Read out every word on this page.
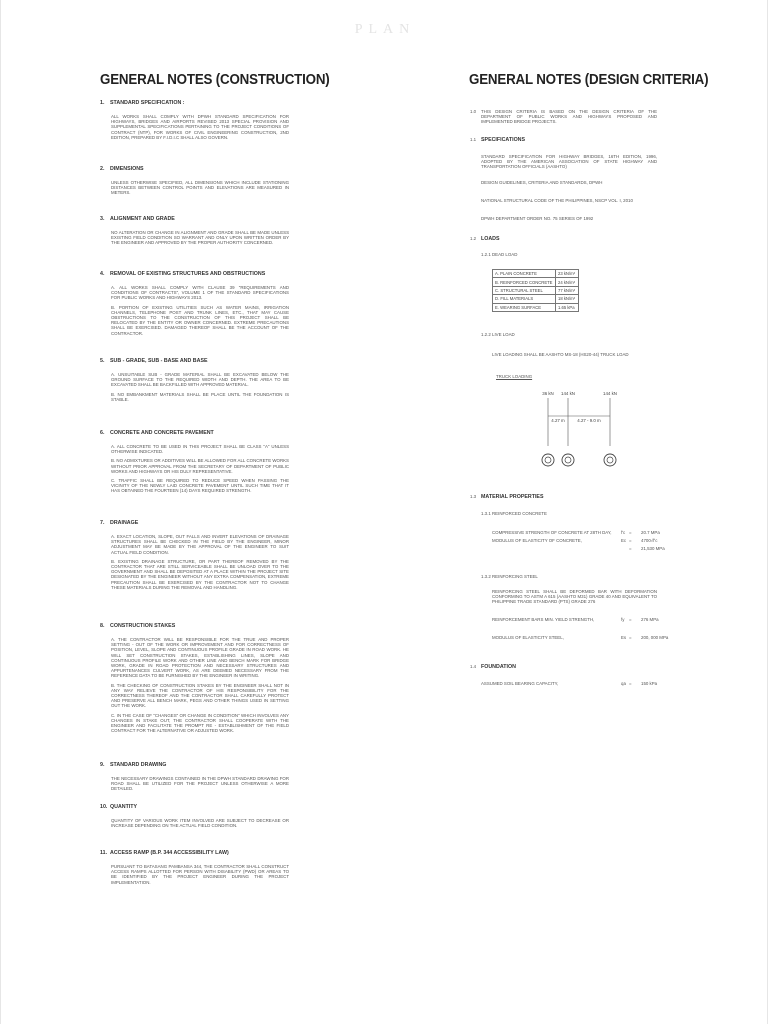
PLAN
GENERAL NOTES (CONSTRUCTION)
1. STANDARD SPECIFICATION :
ALL WORKS SHALL COMPLY WITH DPWH STANDARD SPECIFICATION FOR HIGHWAYS, BRIDGES AND AIRPORTS REVISED 2013 SPECIAL PROVISION AND SUPPLEMENTAL SPECIFICATIONS PERTAINING TO THE PROJECT CONDITIONS OF CONTRACT (NTP), FOR WORKS OF CIVIL ENGINEERING CONSTRUCTION, 2ND EDITION, PREPARED BY F.I.D.I.C SHALL ALSO GOVERN.
2. DIMENSIONS
UNLESS OTHERWISE SPECIFIED, ALL DIMENSIONS WHICH INCLUDE STATIONING DISTANCES BETWEEN CONTROL POINTS AND ELEVATIONS ARE MEASURED IN METERS.
3. ALIGNMENT AND GRADE
NO ALTERATION OR CHANGE IN ALIGNMENT AND GRADE SHALL BE MADE UNLESS EXISTING FIELD CONDITION SO WARRANT AND ONLY UPON WRITTEN ORDER BY THE ENGINEER AND APPROVED BY THE PROPER AUTHORITY CONCERNED.
4. REMOVAL OF EXISTING STRUCTURES AND OBSTRUCTIONS
A. ALL WORKS SHALL COMPLY WITH CLAUSE 39 "REQUIREMENTS AND CONDITIONS OF CONTRACTS", VOLUME 1 OF THE STANDARD SPECIFICATIONS FOR PUBLIC WORKS AND HIGHWAYS 2013.
B. PORTION OF EXISTING UTILITIES SUCH AS WATER MAINS, IRRIGATION CHANNELS, TELEPHONE POST AND TRUNK LINES, ETC., THAT MAY CAUSE OBSTRUCTIONS TO THE CONSTRUCTION OF THIS PROJECT SHALL BE RELOCATED BY THE ENTITY OR OWNER CONCERNED. EXTREME PRECAUTIONS SHALL BE EXERCISED. DAMAGED THEREOF SHALL BE THE ACCOUNT OF THE CONTRACTOR.
5. SUB - GRADE, SUB - BASE AND BASE
A. UNSUITABLE SUB - GRADE MATERIAL SHALL BE EXCAVATED BELOW THE GROUND SURFACE TO THE REQUIRED WIDTH AND DEPTH. THE AREA TO BE EXCAVATED SHALL BE BACKFILLED WITH APPROVED MATERIAL.
B. NO EMBANKMENT MATERIALS SHALL BE PLACE UNTIL THE FOUNDATION IS STABLE.
6. CONCRETE AND CONCRETE PAVEMENT
A. ALL CONCRETE TO BE USED IN THIS PROJECT SHALL BE CLASS "A" UNLESS OTHERWISE INDICATED.
B. NO ADMIXTURES OR ADDITIVES WILL BE ALLOWED FOR ALL CONCRETE WORKS WITHOUT PRIOR APPROVAL FROM THE SECRETARY OF DEPARTMENT OF PUBLIC WORKS AND HIGHWAYS OR HIS DULY REPRESENTATIVE.
C. TRAFFIC SHALL BE REQUIRED TO REDUCE SPEED WHEN PASSING THE VICINITY OF THE NEWLY LAID CONCRETE PAVEMENT UNTIL SUCH TIME THAT IT HAS OBTAINED THE FOURTEEN (14) DAYS REQUIRED STRENGTH.
7. DRAINAGE
A. EXACT LOCATION, SLOPE, OUT FALLS AND INVERT ELEVATIONS OF DRAINAGE STRUCTURES SHALL BE CHECKED IN THE FIELD BY THE ENGINEER, MINOR ADJUSTMENT MAY BE MADE BY THE APPROVAL OF THE ENGINEER TO SUIT ACTUAL FIELD CONDITION.
B. EXISTING DRAINAGE STRUCTURE, OR PART THEREOF REMOVED BY THE CONTRACTOR THAT ARE STILL SERVICEABLE SHALL BE UNLOAD OVER TO THE GOVERNMENT AND SHALL BE DEPOSITED AT A PLACE WITHIN THE PROJECT SITE DESIGNATED BY THE ENGINEER WITHOUT ANY EXTRA COMPENSATION, EXTREME PRECAUTION SHALL BE EXERCISED BY THE CONTRACTOR NOT TO CHANGE THESE MATERIALS DURING THE REMOVAL AND HANDLING.
8. CONSTRUCTION STAKES
A. THE CONTRACTOR WILL BE RESPONSIBLE FOR THE TRUE AND PROPER SETTING - OUT OF THE WORK OR IMPROVEMENT AND FOR CORRECTNESS OF POSITION, LEVEL, SLOPE AND CONTINUOUS PROFILE GRADE IN ROAD WORK. HE WILL SET CONSTRUCTION STAKES, ESTABLISHING LINES, SLOPE AND CONTINUOUS PROFILE WORK AND OTHER LINE AND BENCH MARK FOR BRIDGE WORK, GRADE IN ROAD PROTECTION AND NECESSARY STRUCTURES AND APPURTENANCES CULVERT WORK, AS ARE DEEMED NECESSARY FROM THE REFERENCE DATA TO BE FURNISHED BY THE ENGINEER IN WRITING.
B. THE CHECKING OF CONSTRUCTION STAKES BY THE ENGINEER SHALL NOT IN ANY WAY RELIEVE THE CONTRACTOR OF HIS RESPONSIBILITY FOR THE CORRECTNESS THEREOF AND THE CONTRACTOR SHALL CAREFULLY PROTECT AND PRESERVE ALL BENCH MARK, PEGS AND OTHER THINGS USED IN SETTING OUT THE WORK.
C. IN THE CASE OF "CHANGES" OR CHANGE IN CONDITION" WHICH INVOLVES ANY CHANGES IN STAKE OUT, THE CONTRACTOR SHALL COOPERATE WITH THE ENGINEER AND FACILITATE THE PROMPT RE - ESTABLISHMENT OF THE FIELD CONTRACT FOR THE ALTERNATIVE OR ADJUSTED WORK.
9. STANDARD DRAWING
THE NECESSARY DRAWINGS CONTAINED IN THE DPWH STANDARD DRAWING FOR ROAD SHALL BE UTILIZED FOR THE PROJECT UNLESS OTHERWISE A MORE DETAILED.
10. QUANTITY
QUANTITY OF VARIOUS WORK ITEM INVOLVED ARE SUBJECT TO DECREASE OR INCREASE DEPENDING ON THE ACTUAL FIELD CONDITION.
11. ACCESS RAMP (B.P. 344 ACCESSIBILITY LAW)
PURSUANT TO BATASANG PAMBANSA 344, THE CONTRACTOR SHALL CONSTRUCT ACCESS RAMPS ALLOTTED FOR PERSON WITH DISABILITY (PWD) OR AREAS TO BE IDENTIFIED BY THE PROJECT ENGINEER DURING THE PROJECT IMPLEMENTATION.
GENERAL NOTES (DESIGN CRITERIA)
1.0 THIS DESIGN CRITERIA IS BASED ON THE DESIGN CRITERIA OF THE DEPARTMENT OF PUBLIC WORKS AND HIGHWAYS PROPOSED AND IMPLEMENTED BRIDGE PROJECTS.
1.1 SPECIFICATIONS
STANDARD SPECIFICATION FOR HIGHWAY BRIDGES, 16TH EDITION, 1996, ADOPTED BY THE AMERICAN ASSOCIATION OF STATE HIGHWAY AND TRANSPORTATION OFFICIALS (AASHTO)
DESIGN GUIDELINES, CRITERIA AND STANDARDS, DPWH
NATIONAL STRUCTURAL CODE OF THE PHILIPPINES, NSCP VOL. I, 2010
DPWH DEPARTMENT ORDER NO. 75 SERIES OF 1992
1.2 LOADS
1.2.1 DEAD LOAD
A. PLAIN CONCRETE	23 kN/m³
B. REINFORCED CONCRETE	24 kN/m³
C. STRUCTURAL STEEL	77 kN/m³
D. FILL MATERIALS	18 kN/m³
E. WEARING SURFACE	1.65 kPa
1.2.2 LIVE LOAD
LIVE LOADING SHALL BE AASHTO MS-18 (HS20-44) TRUCK LOAD
TRUCK LOADING
36 kN 144 kN	144 kN
4.27 m	4.27 - 9.0 m
1.3 MATERIAL PROPERTIES
1.3.1 REINFORCED CONCRETE
COMPRESSIVE STRENGTH OF CONCRETE AT 28TH DAY, f'c = 20.7 MPa
MODULUS OF ELASTICITY OF CONCRETE,	Ec = 4700√f'c
= 21,530 MPa
1.3.2 REINFORCING STEEL
REINFORCING STEEL SHALL BE DEFORMED BAR WITH DEFORMATION CONFORMING TO ASTM A 615 (AASHTO M31) GRADE 40 AND EQUIVALENT TO PHILIPPINE TRADE STANDARD (PTS) GRADE 276
REINFORCEMENT BARS MIN. YIELD STRENGTH,	fy = 276 MPa
MODULUS OF ELASTICITY STEEL,	Es = 200, 000 MPa
1.4 FOUNDATION
ASSUMED SOIL BEARING CAPACITY,	qa = 150 kPa
